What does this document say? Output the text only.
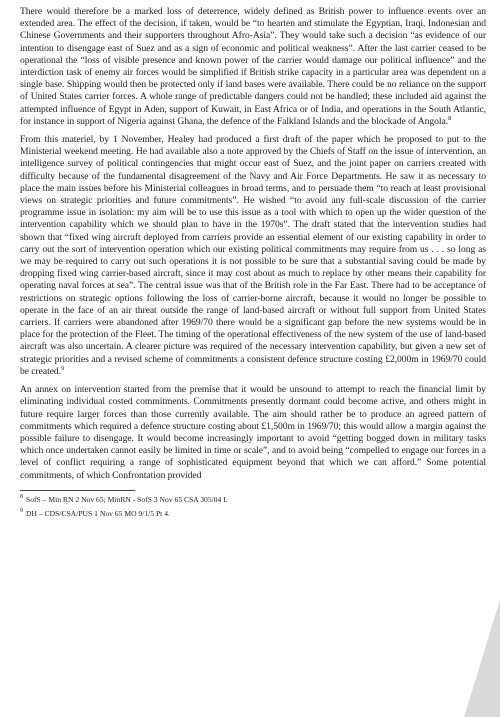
There would therefore be a marked loss of deterrence, widely defined as British power to influence events over an extended area. The effect of the decision, if taken, would be “to hearten and stimulate the Egyptian, Iraqi, Indonesian and Chinese Governments and their supporters throughout Afro-Asia”. They would take such a decision “as evidence of our intention to disengage east of Suez and as a sign of economic and political weakness”. After the last carrier ceased to be operational the “loss of visible presence and known power of the carrier would damage our political influence” and the interdiction task of enemy air forces would be simplified if British strike capacity in a particular area was dependent on a single base. Shipping would then be protected only if land bases were available. There could be no reliance on the support of United States carrier forces. A whole range of predictable dangers could not be handled; these included aid against the attempted influence of Egypt in Aden, support of Kuwait, in East Africa or of India, and operations in the South Atlantic, for instance in support of Nigeria against Ghana, the defence of the Falkland Islands and the blockade of Angola.$^8$

From this materiel, by 1 November, Healey had produced a first draft of the paper which he proposed to put to the Ministerial weekend meeting. He had available also a note approved by the Chiefs of Staff on the issue of intervention, an intelligence survey of political contingencies that might occur east of Suez, and the joint paper on carriers created with difficulty because of the fundamental disagreement of the Navy and Air Force Departments. He saw it as necessary to place the main issues before his Ministerial colleagues in broad terms, and to persuade them “to reach at least provisional views on strategic priorities and future commitments”. He wished “to avoid any full-scale discussion of the carrier programme issue in isolation: my aim will be to use this issue as a tool with which to open up the wider question of the intervention capability which we should plan to have in the 1970s”. The draft stated that the intervention studies had shown that “fixed wing aircraft deployed from carriers provide an essential element of our existing capability in order to carry out the sort of intervention operation which our existing political commitments may require from us . . . so long as we may be required to carry out such operations it is not possible to be sure that a substantial saving could be made by dropping fixed wing carrier-based aircraft, since it may cost about as much to replace by other means their capability for operating naval forces at sea”. The central issue was that of the British role in the Far East. There had to be acceptance of restrictions on strategic options following the loss of carrier-borne aircraft, because it would no longer be possible to operate in the face of an air threat outside the range of land-based aircraft or without full support from United States carriers. If carriers were abandoned after 1969/70 there would be a significant gap before the new systems would be in place for the protection of the Fleet. The timing of the operational effectiveness of the new system of the use of land-based aircraft was also uncertain. A clearer picture was required of the necessary intervention capability, but given a new set of strategic priorities and a revised scheme of commitments a consistent defence structure costing £2,000m in 1969/70 could be created.$^9$

An annex on intervention started from the premise that it would be unsound to attempt to reach the financial limit by eliminating individual costed commitments. Commitments presently dormant could become active, and others might in future require larger forces than those currently available. The aim should rather be to produce an agreed pattern of commitments which required a defence structure costing about £1,500m in 1969/70; this would allow a margin against the possible failure to disengage. It would become increasingly important to avoid “getting bogged down in military tasks which once undertaken cannot easily be limited in time or scale”, and to avoid being “compelled to engage our forces in a level of conflict requiring a range of sophisticated equipment beyond that which we can afford.” Some potential commitments, of which Confrontation provided

$^8$ SofS – Min RN 2 Nov 65; MinRN - SofS 3 Nov 65 CSA 305/04 I.

$^9$ DH – CDS/CSA/PUS 1 Nov 65 MO 9/1/5 Pt 4.
